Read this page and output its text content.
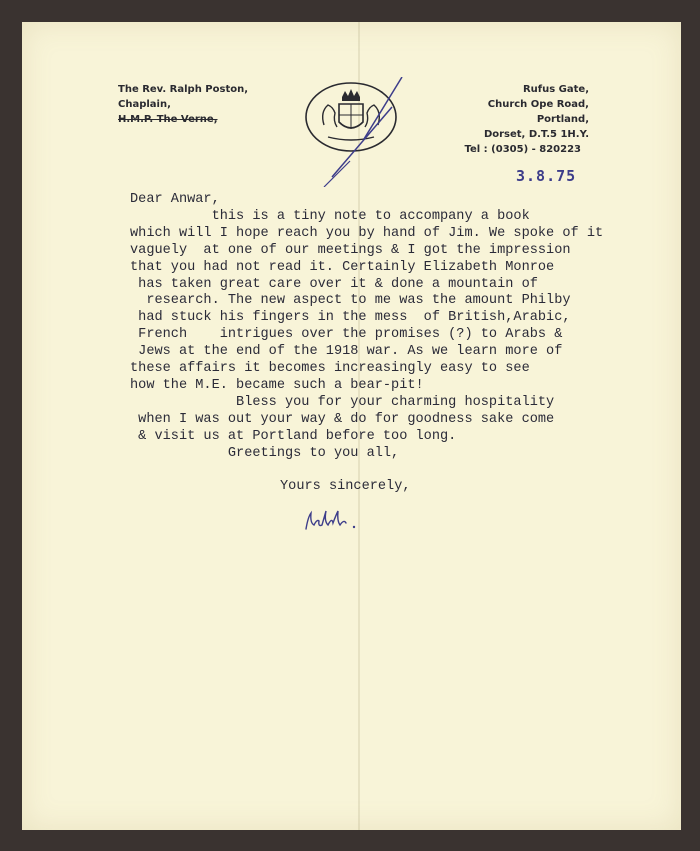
The Rev. Ralph Poston,
Chaplain,
H.M.P. The Verne,
Rufus Gate,
Church Ope Road,
Portland,
Dorset, D.T.5 1H.Y.
Tel : (0305) - 820223
3.8.75
Dear Anwar,
this is a tiny note to accompany a book
which will I hope reach you by hand of Jim. We spoke of it
vaguely  at one of our meetings & I got the impression
that you had not read it. Certainly Elizabeth Monroe
has taken great care over it & done a mountain of
research. The new aspect to me was the amount Philby
had stuck his fingers in the mess  of British,Arabic,
French    intrigues over the promises (?) to Arabs &
Jews at the end of the 1918 war. As we learn more of
these affairs it becomes increasingly easy to see
how the M.E. became such a bear-pit!
Bless you for your charming hospitality
when I was out your way & do for goodness sake come
& visit us at Portland before too long.
Greetings to you all,

Yours sincerely,
